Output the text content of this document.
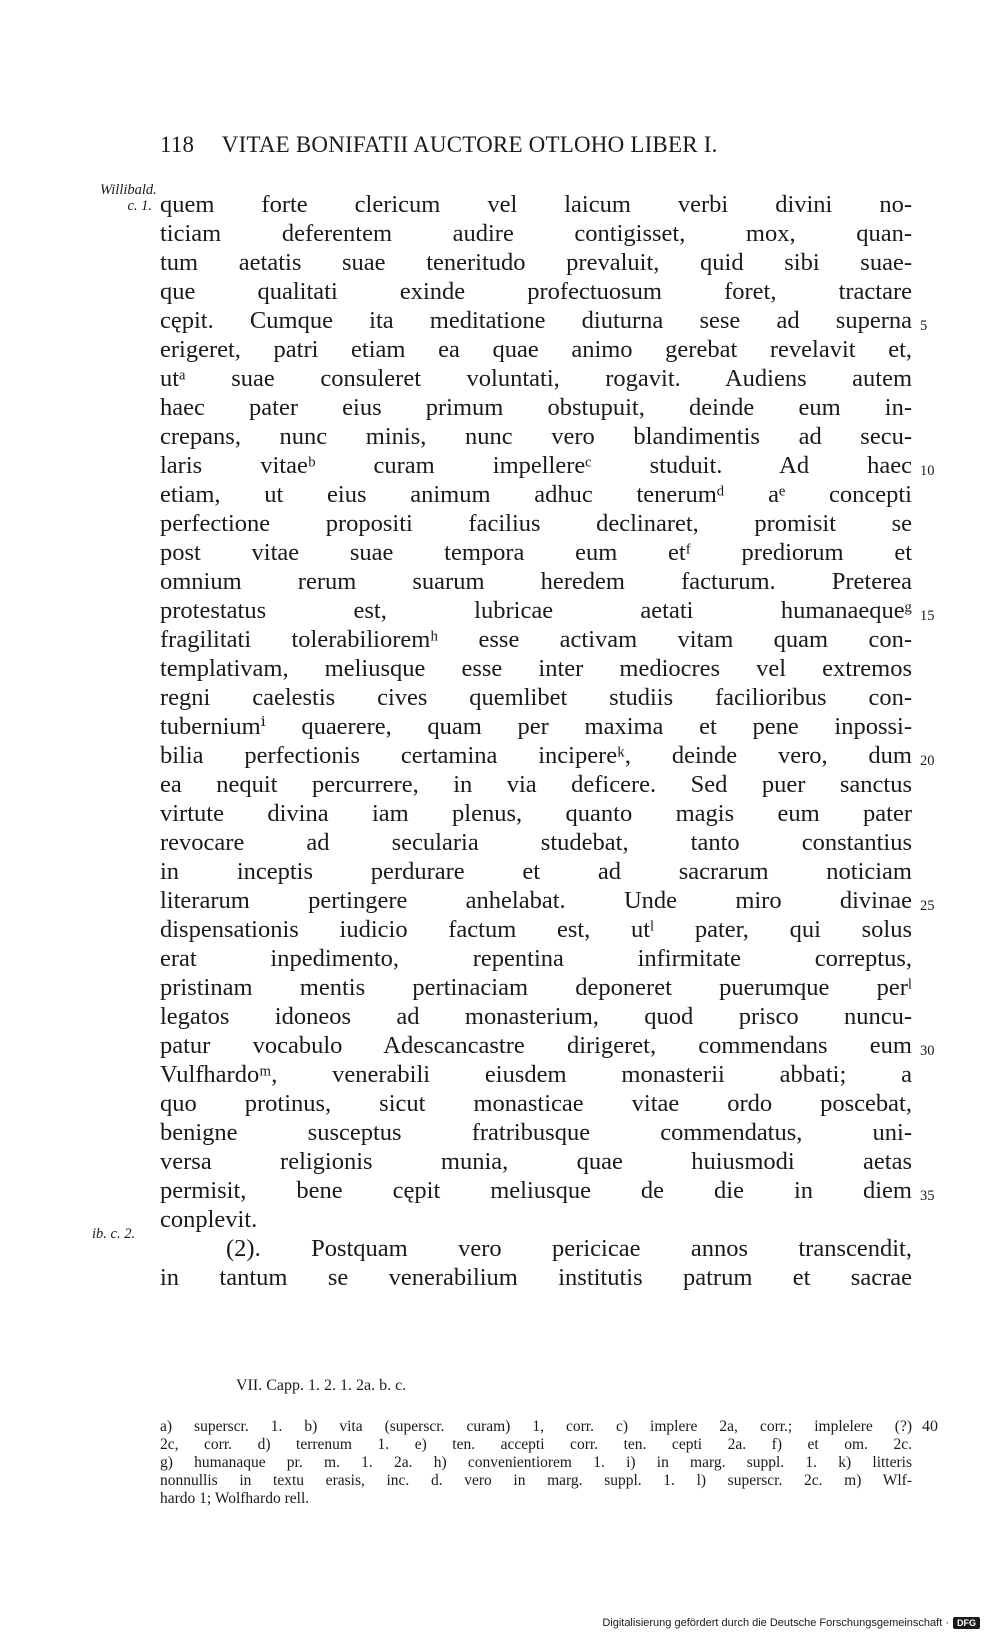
118 VITAE BONIFATII AUCTORE OTLOHO LIBER I.
Willibald. c. 1.
ib. c. 2.
quem forte clericum vel laicum verbi divini no-
ticiam deferentem audire contigisset, mox, quan-
tum aetatis suae teneritudo prevaluit, quid sibi suae-
que qualitati exinde profectuosum foret, tractare
cępit. Cumque ita meditatione diuturna sese ad superna
erigeret, patri etiam ea quae animo gerebat revelavit et,
utᵃ suae consuleret voluntati, rogavit. Audiens autem
haec pater eius primum obstupuit, deinde eum in-
crepans, nunc minis, nunc vero blandimentis ad secu-
laris vitaeᵇ curam impellereᶜ studuit. Ad haec
etiam, ut eius animum adhuc tenerumᵈ aᵉ concepti
perfectione propositi facilius declinaret, promisit se
post vitae suae tempora eum etᶠ prediorum et
omnium rerum suarum heredem facturum. Preterea
protestatus est, lubricae aetati humanaequeᵍ
fragilitati tolerabilioremʰ esse activam vitam quam con-
templativam, meliusque esse inter mediocres vel extremos
regni caelestis cives quemlibet studiis facilioribus con-
tuberniumⁱ quaerere, quam per maxima et pene inpossi-
bilia perfectionis certamina incipereᵏ, deinde vero, dum
ea nequit percurrere, in via deficere. Sed puer sanctus
virtute divina iam plenus, quanto magis eum pater
revocare ad secularia studebat, tanto constantius
in inceptis perdurare et ad sacrarum noticiam
literarum pertingere anhelabat. Unde miro divinae
dispensationis iudicio factum est, utˡ pater, qui solus
erat inpedimento, repentina infirmitate correptus,
pristinam mentis pertinaciam deponeret puerumque perˡ
legatos idoneos ad monasterium, quod prisco nuncu-
patur vocabulo Adescancastre dirigeret, commendans eum
Vulfhardoᵐ, venerabili eiusdem monasterii abbati; a
quo protinus, sicut monasticae vitae ordo poscebat,
benigne susceptus fratribusque commendatus, uni-
versa religionis munia, quae huiusmodi aetas
permisit, bene cępit meliusque de die in diem
conplevit.
(2). Postquam vero pericicae annos transcendit,
in tantum se venerabilium institutis patrum et sacrae
5
10
15
20
25
30
35
VII. Capp. 1. 2. 1. 2a. b. c.
a) superscr. 1. b) vita (superscr. curam) 1, corr. c) implere 2a, corr.; implelere (?)
2c, corr. d) terrenum 1. e) ten. accepti corr. ten. cepti 2a. f) et om. 2c.
g) humanaque pr. m. 1. 2a. h) convenientiorem 1. i) in marg. suppl. 1. k) litteris
nonnullis in textu erasis, inc. d. vero in marg. suppl. 1. l) superscr. 2c. m) Wlf-
hardo 1; Wolfhardo rell.
40
Digitalisierung gefördert durch die Deutsche Forschungsgemeinschaft · DFG
